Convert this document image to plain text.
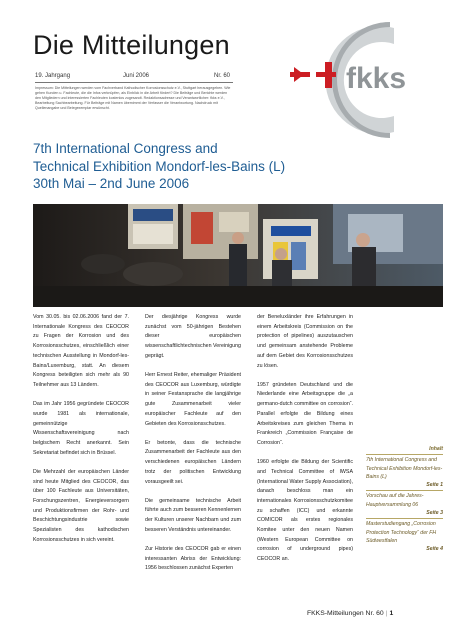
Die Mitteilungen
19. Jahrgang	Juni 2006	Nr. 60
Impressum: Die Mitteilungen werden vom Fachverband Kathodischer Korrosionsschutz e.V., Stuttgart herausgegeben. Wie gehen Kunden u. Fachleute, die die Infos verknüpfen, als Einblick in die Arbeit fördert? Die Beiträge und Berichte werden den Mitgliedern und interessierten Fachleuten kostenlos zugesandt. Redaktionsadresse und Verantwortlicher: fkks e.V., Bearbeitung Sachbearbeitung. Für Beiträge mit Namen übernimmt der Verfasser die Verantwortung. Nachdruck mit Quellenangabe und Belegexemplar erwünscht.
fkks
7th International Congress and
Technical Exhibition Mondorf-les-Bains (L)
30th Mai – 2nd June 2006

Vom 30.05. bis 02.06.2006 fand der 7. Internationale Kongress des CEOCOR zu Fragen der Korrosion und des Korrosionsschutzes, einschließlich einer technischen Ausstellung in Mondorf-les-Bains/Luxemburg, statt. An diesem Kongress beteiligten sich mehr als 90 Teilnehmer aus 13 Ländern.

Das im Jahr 1956 gegründete CEOCOR wurde 1981 als internationale, gemeinnützige Wissenschaftsvereinigung nach belgischem Recht anerkannt. Sein Sekretariat befindet sich in Brüssel.

Die Mehrzahl der europäischen Länder sind heute Mitglied des CEOCOR, das über 100 Fachleute aus Universitäten, Forschungszentren, Energieversorgern und Produktionsfirmen der Rohr- und Beschichtungsindustrie sowie Spezialisten des kathodischen Korrosionsschutzes in sich vereint.

Der diesjährige Kongress wurde zunächst vom 50-jährigen Bestehen dieser europäischen wissenschaftlichtechnischen Vereinigung geprägt.

Herr Ernest Reiter, ehemaliger Präsident des CEOCOR aus Luxemburg, würdigte in seiner Festansprache die langjährige gute Zusammenarbeit vieler europäischer Fachleute auf den Gebieten des Korrosionsschutzes.

Er betonte, dass die technische Zusammenarbeit der Fachleute aus den verschiedenen europäischen Ländern trotz der politischen Entwicklung vorausgeeilt sei.

Die gemeinsame technische Arbeit führte auch zum besseren Kennenlernen der Kulturen unserer Nachbarn und zum besseren Verständnis untereinander.

Zur Historie des CEOCOR gab er einen interessanten Abriss der Entwicklung: 1956 beschlossen zunächst Experten

der Beneluxländer ihre Erfahrungen in einem Arbeitskreis (Commission on the protection of pipelines) auszutauschen und gemeinsam anstehende Probleme auf dem Gebiet des Korrosionsschutzes zu lösen.

1957 gründeten Deutschland und die Niederlande eine Arbeitsgruppe die „a germano-dutch committee on corrosion“. Parallel erfolgte die Bildung eines Arbeitskreises zum gleichen Thema in Frankreich „Commission Française de Corrosion“.

1960 erfolgte die Bildung der Scientific and Technical Committee of IWSA (International Water Supply Association), danach beschloss man ein internationales Korrosionsschutzkomitee zu schaffen (ICC) und erkannte COMICOR als erstes regionales Komitee unter den neuen Namen (Western European Committee on corrosion of underground pipes) CEOCOR an.

Inhalt
7th International Congress and Technical Exhibition Mondorf-les-Bains (L)
Seite 1
Vorschau auf die Jahres-Hauptversammlung 06
Seite 3
Masterstudiengang „Corrosion Protection Technology“ der FH Südwestfalen
Seite 4
FKKS-Mitteilungen Nr. 60 | 1
